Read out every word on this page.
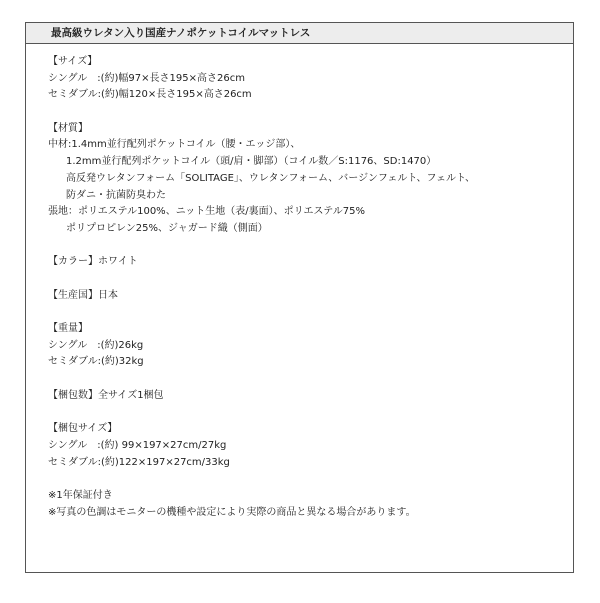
最高級ウレタン入り国産ナノポケットコイルマットレス
【サイズ】
シングル　:(約)幅97×長さ195×高さ26cm
セミダブル:(約)幅120×長さ195×高さ26cm
【材質】
中材:1.4mm並行配列ポケットコイル（腰・エッジ部）、
1.2mm並行配列ポケットコイル（頭/肩・脚部）（コイル数／S:1176、SD:1470）
高反発ウレタンフォーム「SOLITAGE」、ウレタンフォーム、バージンフェルト、フェルト、
防ダニ・抗菌防臭わた
張地：ポリエステル100%、ニット生地（表/裏面）、ポリエステル75%
ポリプロピレン25%、ジャガード織（側面）
【カラー】ホワイト
【生産国】日本
【重量】
シングル　:(約)26kg
セミダブル:(約)32kg
【梱包数】全サイズ1梱包
【梱包サイズ】
シングル　:(約) 99×197×27cm/27kg
セミダブル:(約)122×197×27cm/33kg
※1年保証付き
※写真の色調はモニターの機種や設定により実際の商品と異なる場合があります。
